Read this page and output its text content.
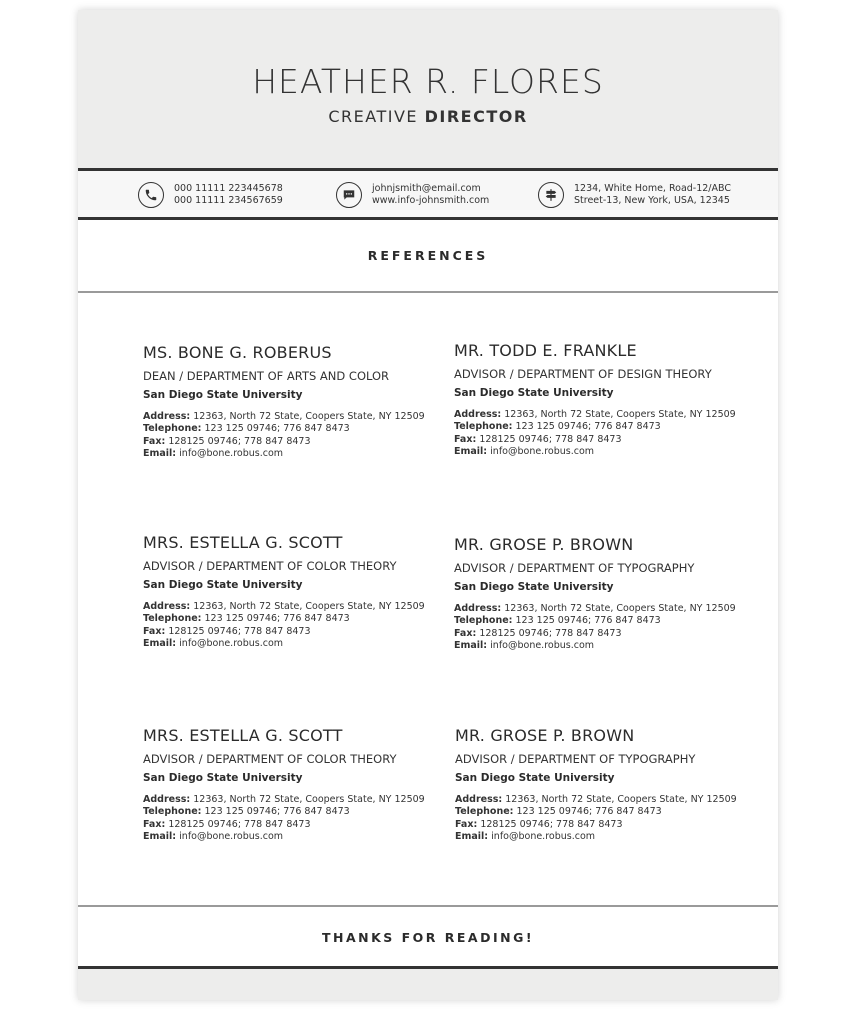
HEATHER R. FLORES
CREATIVE DIRECTOR
000 11111 223445678
000 11111 234567659
johnjsmith@email.com
www.info-johnsmith.com
1234, White Home, Road-12/ABC
Street-13, New York, USA, 12345
REFERENCES
MS. BONE G. ROBERUS
DEAN / DEPARTMENT OF ARTS AND COLOR
San Diego State University
Address: 12363, North 72 State, Coopers State, NY 12509
Telephone: 123 125 09746; 776 847 8473
Fax: 128125 09746; 778 847 8473
Email: info@bone.robus.com
MR. TODD E. FRANKLE
ADVISOR / DEPARTMENT OF DESIGN THEORY
San Diego State University
Address: 12363, North 72 State, Coopers State, NY 12509
Telephone: 123 125 09746; 776 847 8473
Fax: 128125 09746; 778 847 8473
Email: info@bone.robus.com
MRS. ESTELLA G. SCOTT
ADVISOR / DEPARTMENT OF COLOR THEORY
San Diego State University
Address: 12363, North 72 State, Coopers State, NY 12509
Telephone: 123 125 09746; 776 847 8473
Fax: 128125 09746; 778 847 8473
Email: info@bone.robus.com
MR. GROSE P. BROWN
ADVISOR / DEPARTMENT OF TYPOGRAPHY
San Diego State University
Address: 12363, North 72 State, Coopers State, NY 12509
Telephone: 123 125 09746; 776 847 8473
Fax: 128125 09746; 778 847 8473
Email: info@bone.robus.com
MRS. ESTELLA G. SCOTT
ADVISOR / DEPARTMENT OF COLOR THEORY
San Diego State University
Address: 12363, North 72 State, Coopers State, NY 12509
Telephone: 123 125 09746; 776 847 8473
Fax: 128125 09746; 778 847 8473
Email: info@bone.robus.com
MR. GROSE P. BROWN
ADVISOR / DEPARTMENT OF TYPOGRAPHY
San Diego State University
Address: 12363, North 72 State, Coopers State, NY 12509
Telephone: 123 125 09746; 776 847 8473
Fax: 128125 09746; 778 847 8473
Email: info@bone.robus.com
THANKS FOR READING!
